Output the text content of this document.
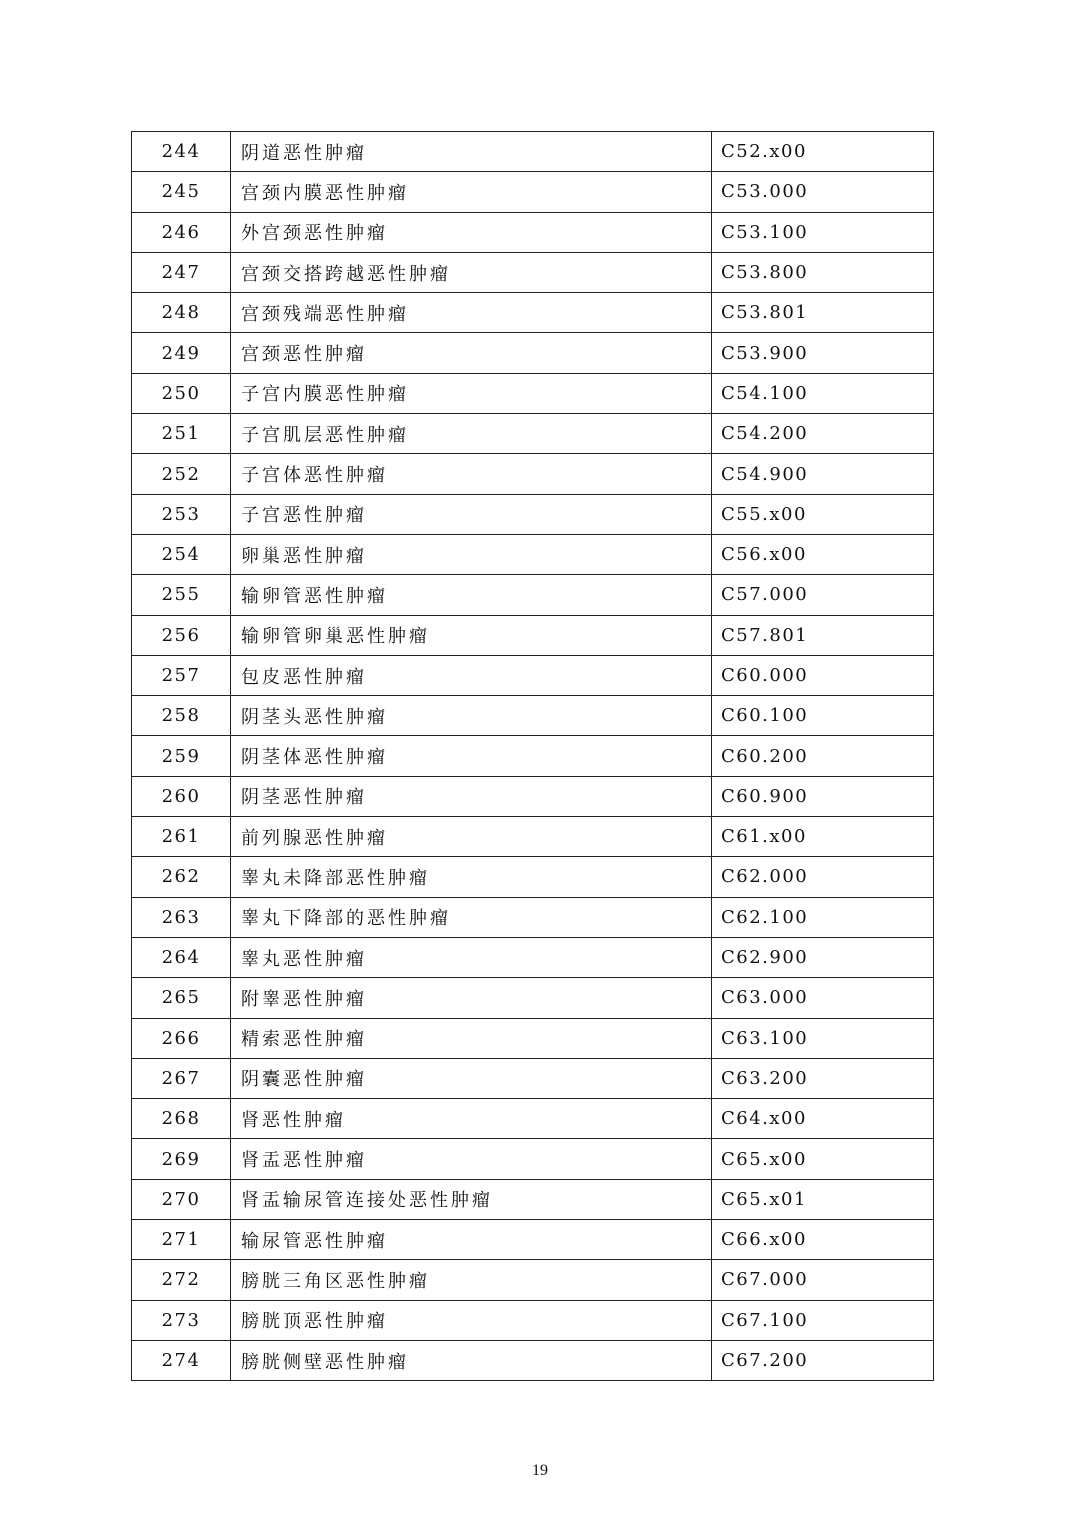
244	阴道恶性肿瘤	C52.x00
245	宫颈内膜恶性肿瘤	C53.000
246	外宫颈恶性肿瘤	C53.100
247	宫颈交搭跨越恶性肿瘤	C53.800
248	宫颈残端恶性肿瘤	C53.801
249	宫颈恶性肿瘤	C53.900
250	子宫内膜恶性肿瘤	C54.100
251	子宫肌层恶性肿瘤	C54.200
252	子宫体恶性肿瘤	C54.900
253	子宫恶性肿瘤	C55.x00
254	卵巢恶性肿瘤	C56.x00
255	输卵管恶性肿瘤	C57.000
256	输卵管卵巢恶性肿瘤	C57.801
257	包皮恶性肿瘤	C60.000
258	阴茎头恶性肿瘤	C60.100
259	阴茎体恶性肿瘤	C60.200
260	阴茎恶性肿瘤	C60.900
261	前列腺恶性肿瘤	C61.x00
262	睾丸未降部恶性肿瘤	C62.000
263	睾丸下降部的恶性肿瘤	C62.100
264	睾丸恶性肿瘤	C62.900
265	附睾恶性肿瘤	C63.000
266	精索恶性肿瘤	C63.100
267	阴囊恶性肿瘤	C63.200
268	肾恶性肿瘤	C64.x00
269	肾盂恶性肿瘤	C65.x00
270	肾盂输尿管连接处恶性肿瘤	C65.x01
271	输尿管恶性肿瘤	C66.x00
272	膀胱三角区恶性肿瘤	C67.000
273	膀胱顶恶性肿瘤	C67.100
274	膀胱侧壁恶性肿瘤	C67.200
19
